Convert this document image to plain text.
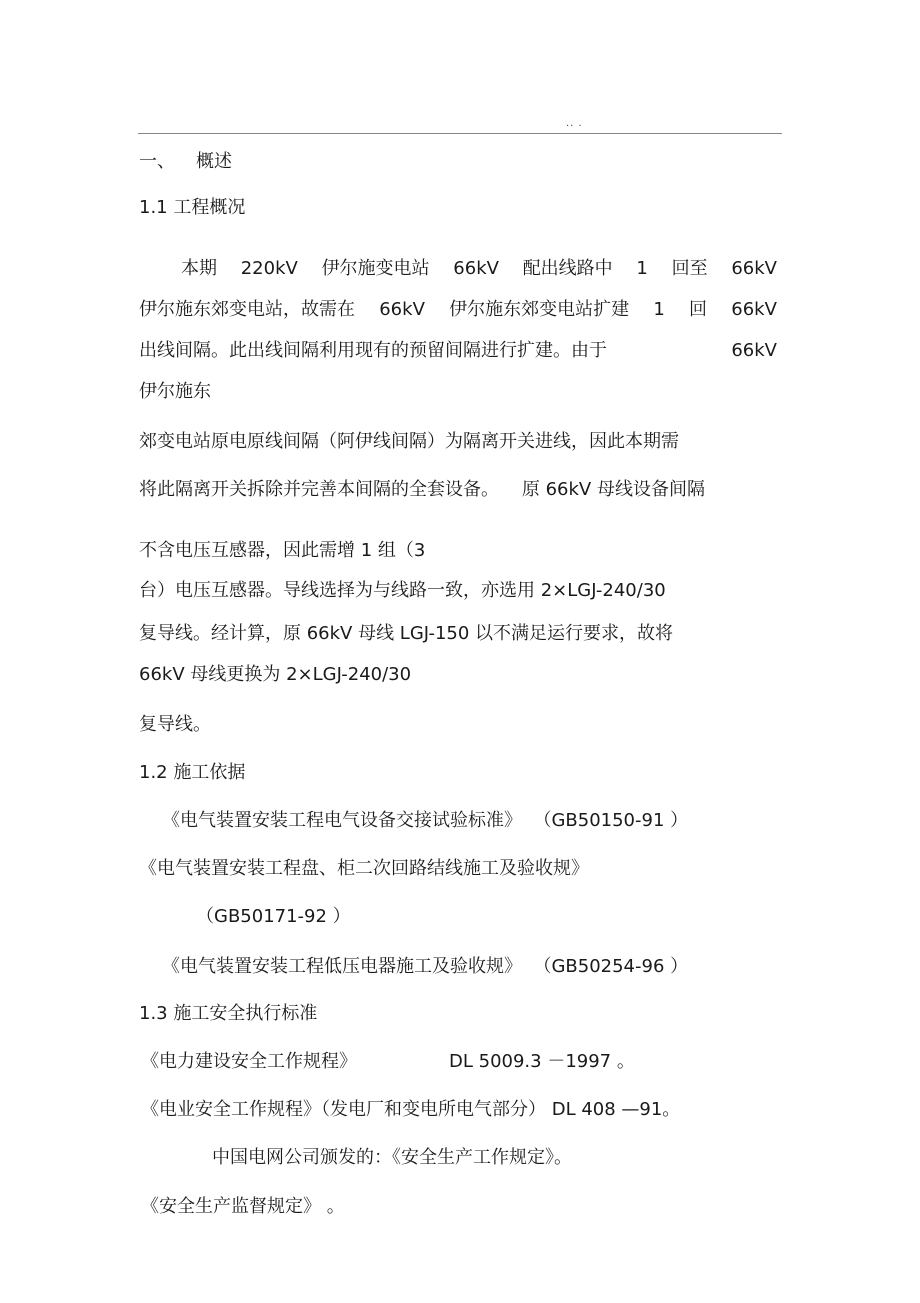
.. .
一、 概述
1.1 工程概况
本期 220kV 伊尔施变电站 66kV 配出线路中 1 回至 66kV
伊尔施东郊变电站，故需在 66kV 伊尔施东郊变电站扩建 1 回 66kV
出线间隔。此出线间隔利用现有的预留间隔进行扩建。由于	66kV
伊尔施东
郊变电站原电原线间隔（阿伊线间隔）为隔离开关进线，因此本期需
将此隔离开关拆除并完善本间隔的全套设备。    原 66kV 母线设备间隔
不含电压互感器，因此需增 1 组（3
台）电压互感器。导线选择为与线路一致，亦选用 2×LGJ-240/30
复导线。经计算，原 66kV 母线 LGJ-150 以不满足运行要求，故将
66kV 母线更换为 2×LGJ-240/30
复导线。
1.2 施工依据
《电气装置安装工程电气设备交接试验标准》  （GB50150-91 ）
《电气装置安装工程盘、柜二次回路结线施工及验收规》
（GB50171-92 ）
《电气装置安装工程低压电器施工及验收规》  （GB50254-96 ）
1.3 施工安全执行标准
《电力建设安全工作规程》	DL 5009.3 －1997 。
《电业安全工作规程》（发电厂和变电所电气部分） DL 408 —91。
中国电网公司颁发的：《安全生产工作规定》。
《安全生产监督规定》 。
